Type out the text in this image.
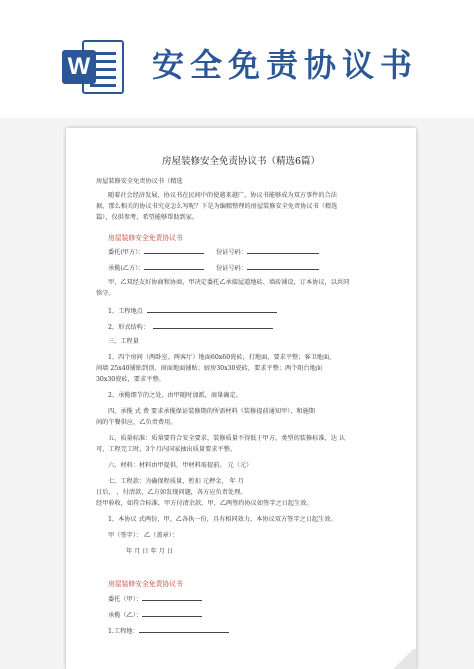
W 安全免责协议书
房屋装修安全免责协议书（精选6篇）
房屋装修安全免责协议书（精选
随着社会经济发展，协议书在民间中的使越来越广，协议书能够成为双方事件的合法
据，那么相关的协议书究竟怎么写呢？下是为编精整理的房屋装修安全免责协议书（精选
篇），仅供参考，希望能够帮助到家。
房屋装修安全免责协议书
委托(甲方）：	份证号码：
承揽(乙方）：	份证号码：
甲、乙双经友好协商和协商，甲决定委托乙承接屋道地砖、墙砖铺设，订本协议，以共同
恪守。
1、工程地点
2、形式结构：
三、工程量
1、四个房间（两卧室、两客厅）地面60x60瓷砖，打地面，要求平整；客卫地面，
间墙 25x40铺贴到顶、窗面地面铺贴；厨房30x30瓷砖，要求平整；两个阳台地面
30x30瓷砖，要求平整。
2、承揽细节的之处，由甲随时加派，商量确定。
四、承揽 式 费 要求承揽保证装修期的所需材料（装修提前通知甲），和施期
间的午餐供应，乙负责费用。
五、质量标准：质量要符合安全要求，装修质量不得低于甲方，类型的装修标准，达 认
可，工程完工时，3个月内国家抽出质量要求平整。
六、材料：材料由甲提供，甲材料需提前。 元（元）
七、工程款：为确保程质量，暂扣 元押金， 年 月
日后， ，付清款，乙方如发现问题，各方应负责处理。
经甲验收，如符合标准，甲方付清余款，甲、乙两签约协议如签字之日起生效。
1、本协议 式两份，甲、乙各执一份，具有相同效力，本协议双方签字之日起生效。
甲（签字）： 乙（盖章）：
年 月 日 年 月 日
房屋装修安全免责协议书
委托（甲）：
承揽（乙）：
1.工程地：
